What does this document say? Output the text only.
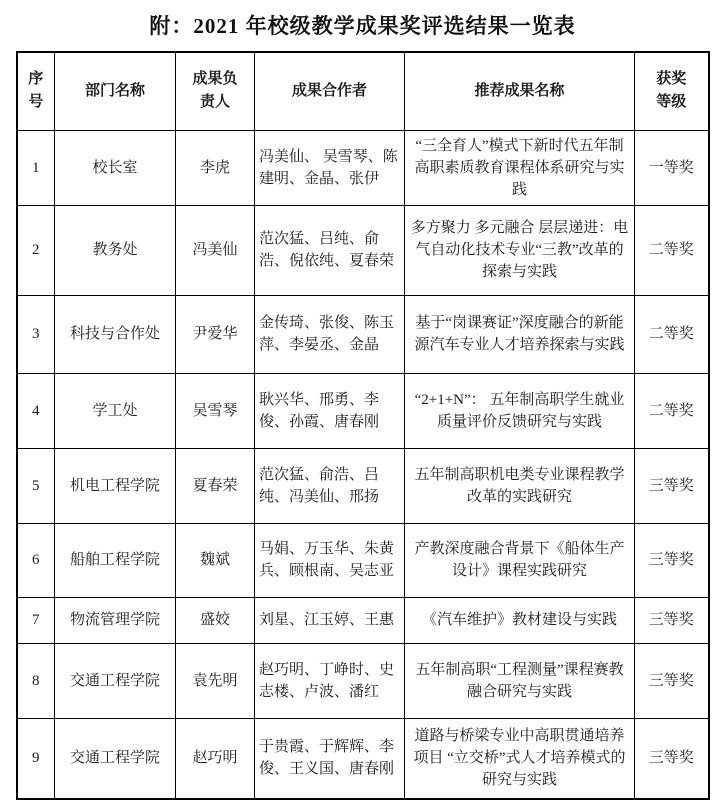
附：2021 年校级教学成果奖评选结果一览表
序号	部门名称	成果负责人	成果合作者	推荐成果名称	获奖等级
1	校长室	李虎	冯美仙、 吴雪琴、陈建明、金晶、张伊	“三全育人”模式下新时代五年制高职素质教育课程体系研究与实践	一等奖
2	教务处	冯美仙	范次猛、吕纯、俞浩、倪依纯、夏春荣	多方聚力 多元融合 层层递进：电气自动化技术专业“三教”改革的探索与实践	二等奖
3	科技与合作处	尹爱华	金传琦、张俊、陈玉萍、李晏丞、金晶	基于“岗课赛证”深度融合的新能源汽车专业人才培养探索与实践	二等奖
4	学工处	吴雪琴	耿兴华、邢勇、李俊、孙霞、唐春刚	“2+1+N”： 五年制高职学生就业质量评价反馈研究与实践	二等奖
5	机电工程学院	夏春荣	范次猛、俞浩、吕纯、冯美仙、邢扬	五年制高职机电类专业课程教学改革的实践研究	三等奖
6	船舶工程学院	魏斌	马娟、万玉华、朱黄兵、顾根南、吴志亚	产教深度融合背景下《船体生产设计》课程实践研究	三等奖
7	物流管理学院	盛姣	刘星、江玉婷、王惠	《汽车维护》教材建设与实践	三等奖
8	交通工程学院	袁先明	赵巧明、丁峥时、史志楼、卢波、潘红	五年制高职“工程测量”课程赛教融合研究与实践	三等奖
9	交通工程学院	赵巧明	于贵霞、于辉辉、李俊、王义国、唐春刚	道路与桥梁专业中高职贯通培养项目 “立交桥”式人才培养模式的研究与实践	三等奖
